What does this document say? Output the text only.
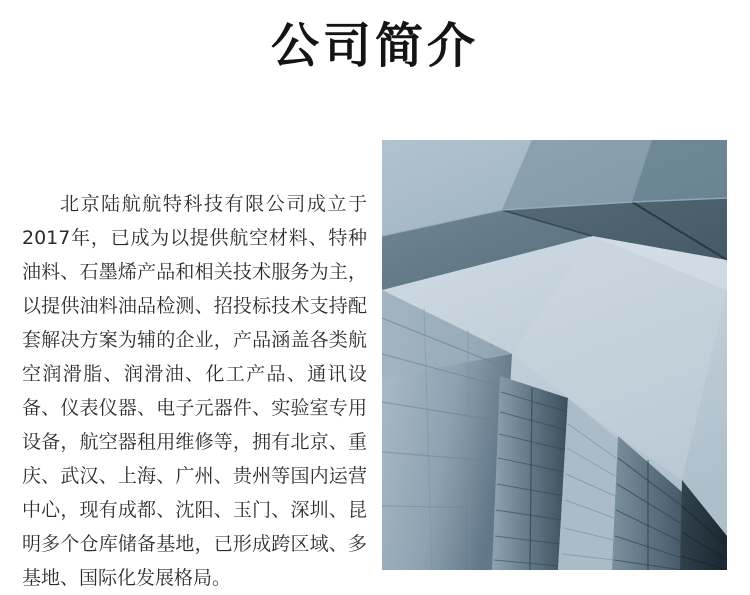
公司简介

北京陆航航特科技有限公司成立于2017年，已成为以提供航空材料、特种油料、石墨烯产品和相关技术服务为主，以提供油料油品检测、招投标技术支持配套解决方案为辅的企业，产品涵盖各类航空润滑脂、润滑油、化工产品、通讯设备、仪表仪器、电子元器件、实验室专用设备，航空器租用维修等，拥有北京、重庆、武汉、上海、广州、贵州等国内运营中心，现有成都、沈阳、玉门、深圳、昆明多个仓库储备基地，已形成跨区域、多基地、国际化发展格局。
